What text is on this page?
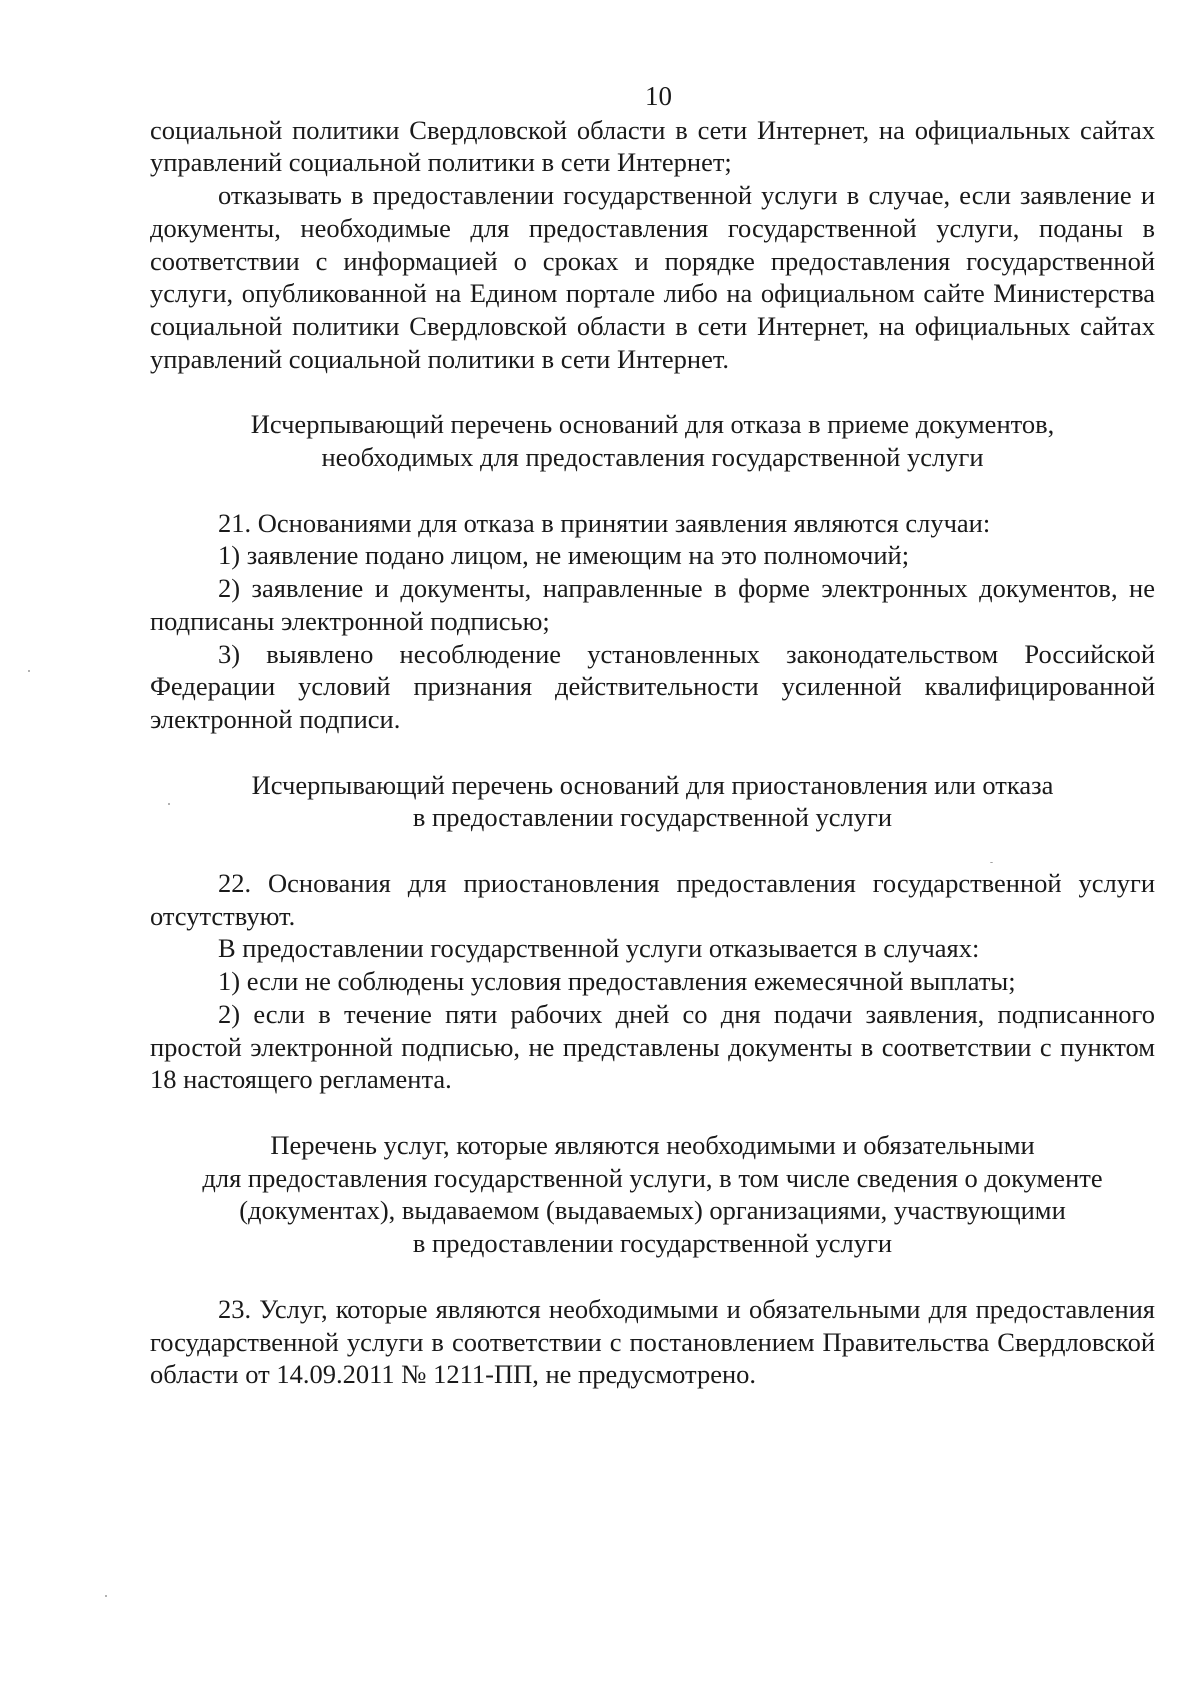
10

социальной политики Свердловской области в сети Интернет, на официальных сайтах управлений социальной политики в сети Интернет;

отказывать в предоставлении государственной услуги в случае, если заявление и документы, необходимые для предоставления государственной услуги, поданы в соответствии с информацией о сроках и порядке предоставления государственной услуги, опубликованной на Едином портале либо на официальном сайте Министерства социальной политики Свердловской области в сети Интернет, на официальных сайтах управлений социальной политики в сети Интернет.

Исчерпывающий перечень оснований для отказа в приеме документов,
необходимых для предоставления государственной услуги

21. Основаниями для отказа в принятии заявления являются случаи:

1) заявление подано лицом, не имеющим на это полномочий;

2) заявление и документы, направленные в форме электронных документов, не подписаны электронной подписью;

3) выявлено несоблюдение установленных законодательством Российской Федерации условий признания действительности усиленной квалифицированной электронной подписи.

Исчерпывающий перечень оснований для приостановления или отказа
в предоставлении государственной услуги

22. Основания для приостановления предоставления государственной услуги отсутствуют.

В предоставлении государственной услуги отказывается в случаях:

1) если не соблюдены условия предоставления ежемесячной выплаты;

2) если в течение пяти рабочих дней со дня подачи заявления, подписанного простой электронной подписью, не представлены документы в соответствии с пунктом 18 настоящего регламента.

Перечень услуг, которые являются необходимыми и обязательными
для предоставления государственной услуги, в том числе сведения о документе
(документах), выдаваемом (выдаваемых) организациями, участвующими
в предоставлении государственной услуги

23. Услуг, которые являются необходимыми и обязательными для предоставления государственной услуги в соответствии с постановлением Правительства Свердловской области от 14.09.2011 № 1211-ПП, не предусмотрено.
